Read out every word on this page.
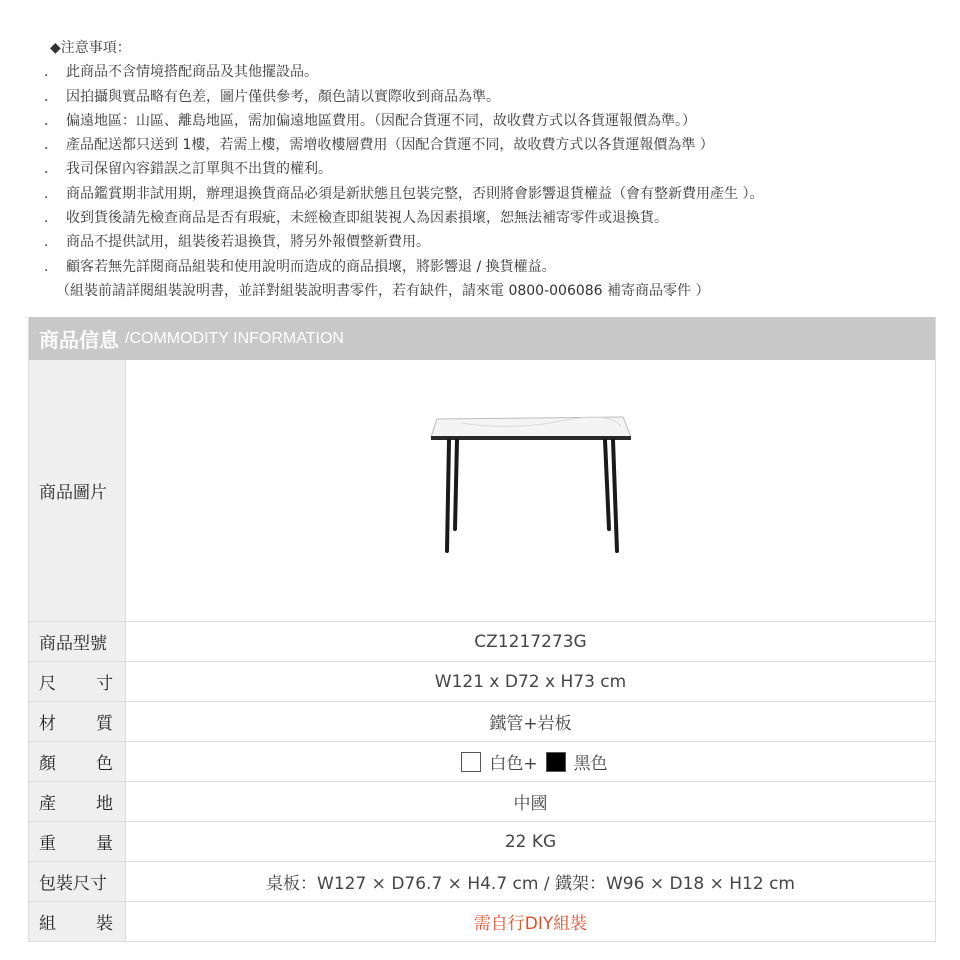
◆注意事項：
. 此商品不含情境搭配商品及其他擺設品。
. 因拍攝與實品略有色差，圖片僅供參考，顏色請以實際收到商品為準。
. 偏遠地區：山區、離島地區，需加偏遠地區費用。（因配合貨運不同，故收費方式以各貨運報價為準。）
. 產品配送都只送到 1樓，若需上樓，需增收樓層費用（因配合貨運不同，故收費方式以各貨運報價為準 ）
. 我司保留內容錯誤之訂單與不出貨的權利。
. 商品鑑賞期非試用期，辦理退換貨商品必須是新狀態且包裝完整，否則將會影響退貨權益（會有整新費用產生 ）。
. 收到貨後請先檢查商品是否有瑕疵，未經檢查即組裝視人為因素損壞，恕無法補寄零件或退換貨。
. 商品不提供試用，組裝後若退換貨，將另外報價整新費用。
. 顧客若無先詳閱商品組裝和使用說明而造成的商品損壞，將影響退 / 換貨權益。
（組裝前請詳閱組裝說明書，並詳對組裝說明書零件，若有缺件，請來電 0800-006086 補寄商品零件 ）
商品信息 /COMMODITY INFORMATION
商品圖片
商品型號	CZ1217273G
尺 寸	W121 x D72 x H73 cm
材 質	鐵管+岩板
顏 色	白色+ 黑色
產 地	中國
重 量	22 KG
包裝尺寸	桌板：W127 × D76.7 × H4.7 cm / 鐵架：W96 × D18 × H12 cm
組 裝	需自行DIY組裝
